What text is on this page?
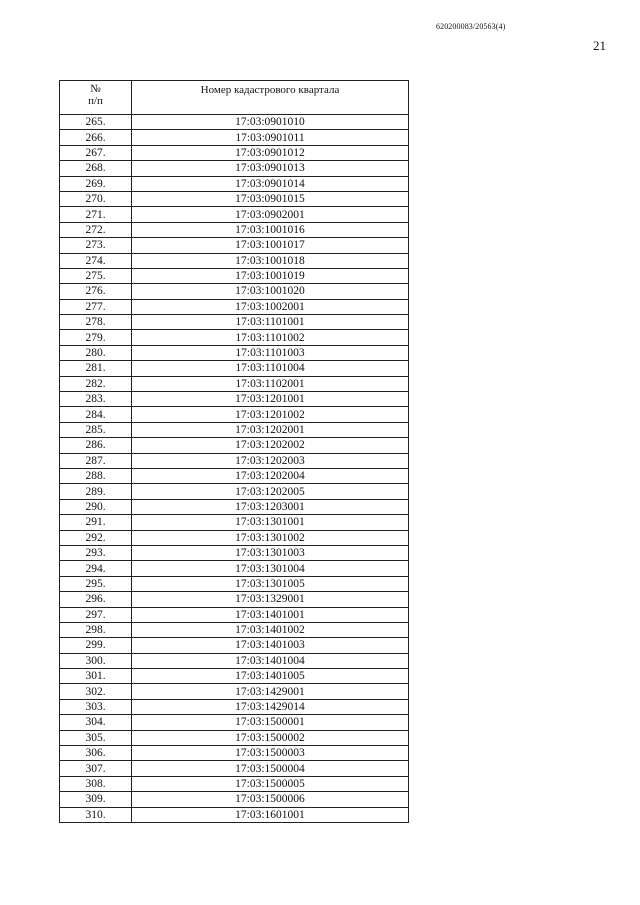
620200083/20563(4)
21
№
п/п	Номер кадастрового квартала
265.	17:03:0901010
266.	17:03:0901011
267.	17:03:0901012
268.	17:03:0901013
269.	17:03:0901014
270.	17:03:0901015
271.	17:03:0902001
272.	17:03:1001016
273.	17:03:1001017
274.	17:03:1001018
275.	17:03:1001019
276.	17:03:1001020
277.	17:03:1002001
278.	17:03:1101001
279.	17:03:1101002
280.	17:03:1101003
281.	17:03:1101004
282.	17:03:1102001
283.	17:03:1201001
284.	17:03:1201002
285.	17:03:1202001
286.	17:03:1202002
287.	17:03:1202003
288.	17:03:1202004
289.	17:03:1202005
290.	17:03:1203001
291.	17:03:1301001
292.	17:03:1301002
293.	17:03:1301003
294.	17:03:1301004
295.	17:03:1301005
296.	17:03:1329001
297.	17:03:1401001
298.	17:03:1401002
299.	17:03:1401003
300.	17:03:1401004
301.	17:03:1401005
302.	17:03:1429001
303.	17:03:1429014
304.	17:03:1500001
305.	17:03:1500002
306.	17:03:1500003
307.	17:03:1500004
308.	17:03:1500005
309.	17:03:1500006
310.	17:03:1601001
